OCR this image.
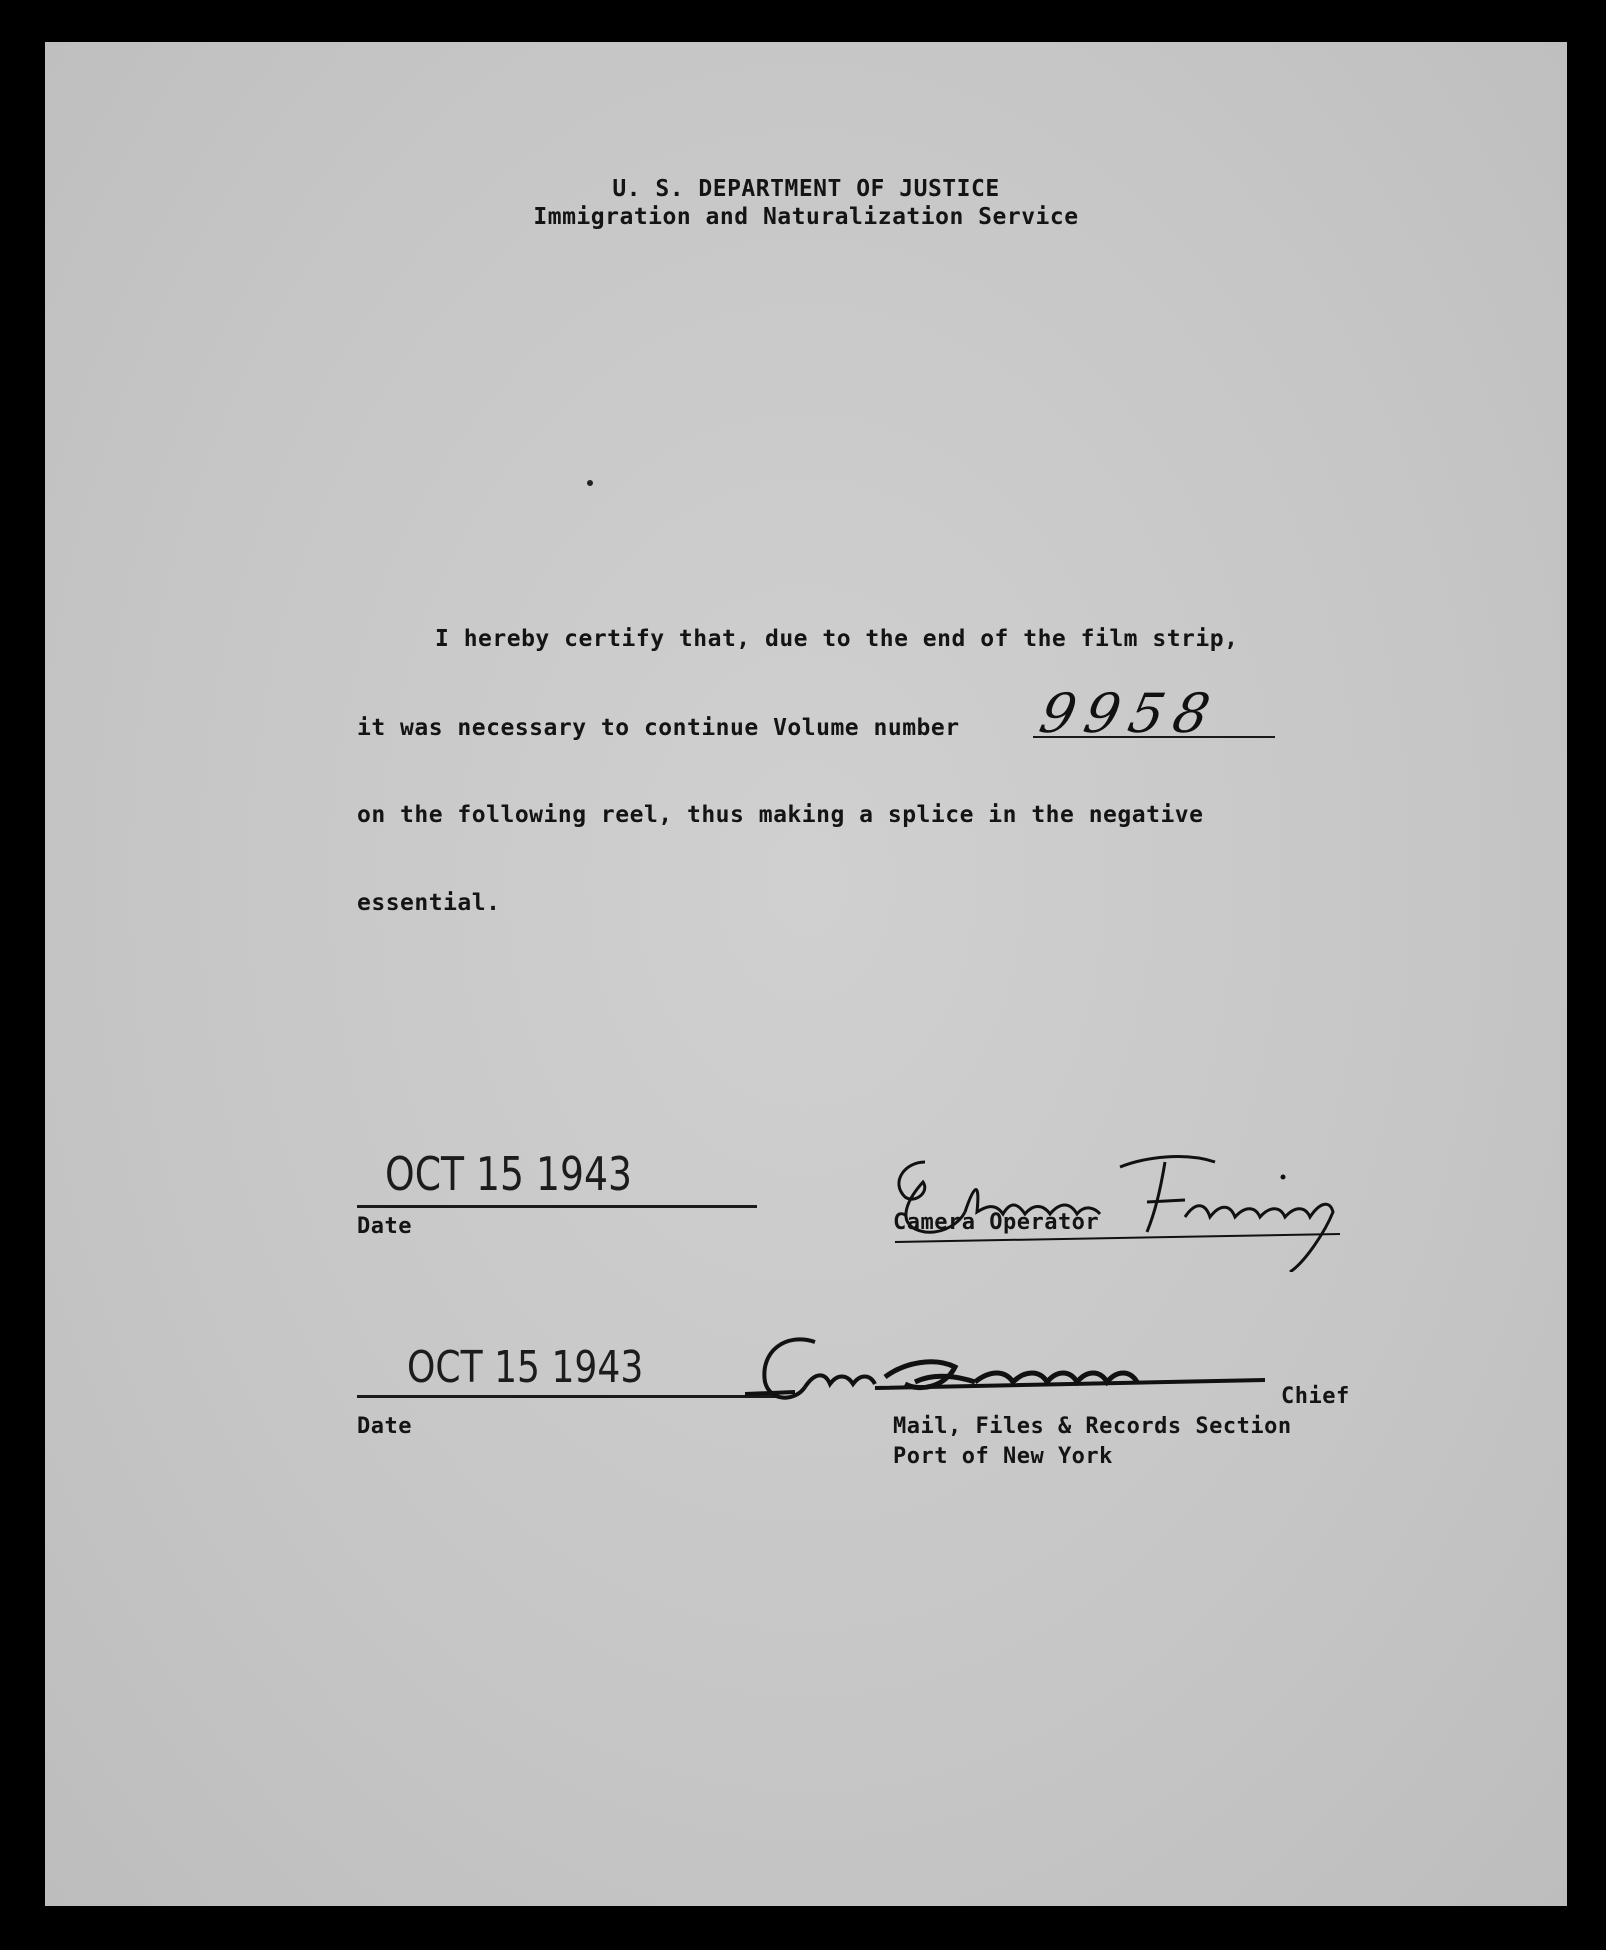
U. S. DEPARTMENT OF JUSTICE
Immigration and Naturalization Service
I hereby certify that, due to the end of the film strip,
it was necessary to continue Volume number 9958
on the following reel, thus making a splice in the negative
essential.
OCT 15 1943
Date	Camera Operator
OCT 15 1943
Date
Chief
Mail, Files & Records Section
Port of New York
